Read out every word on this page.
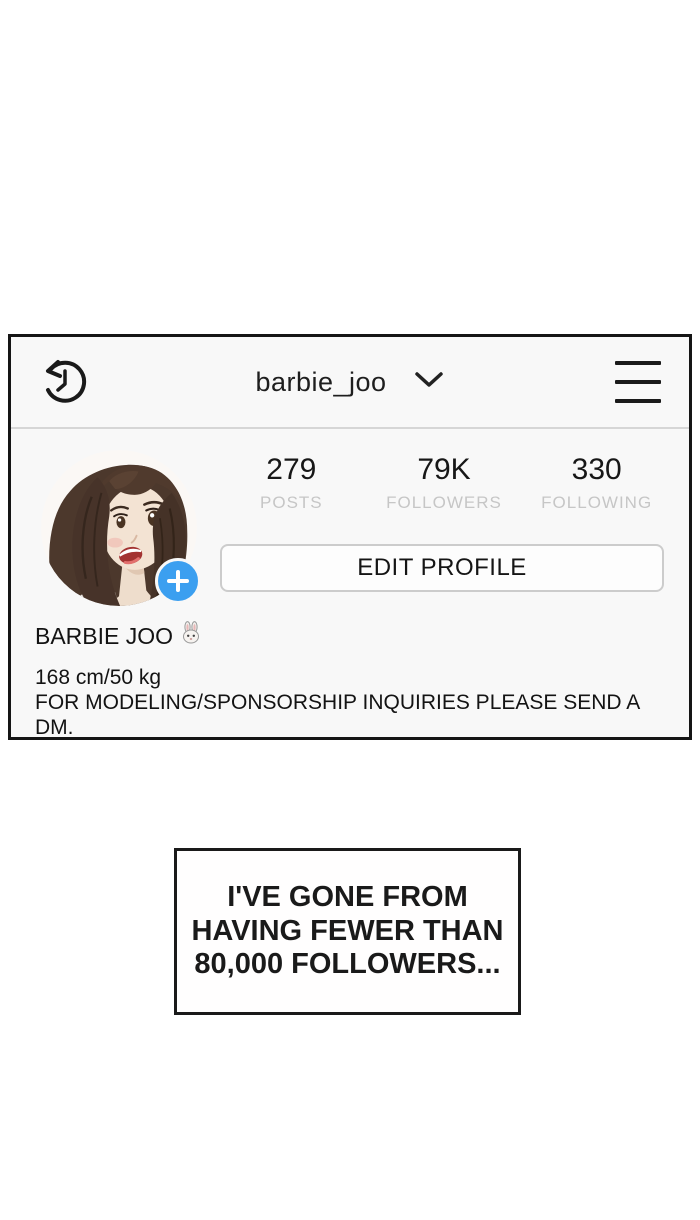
barbie_joo
279
POSTS
79K
FOLLOWERS
330
FOLLOWING
EDIT PROFILE
BARBIE JOO
168 cm/50 kg
FOR MODELING/SPONSORSHIP INQUIRIES PLEASE SEND A DM.
I'VE GONE FROM
HAVING FEWER THAN
80,000 FOLLOWERS...
